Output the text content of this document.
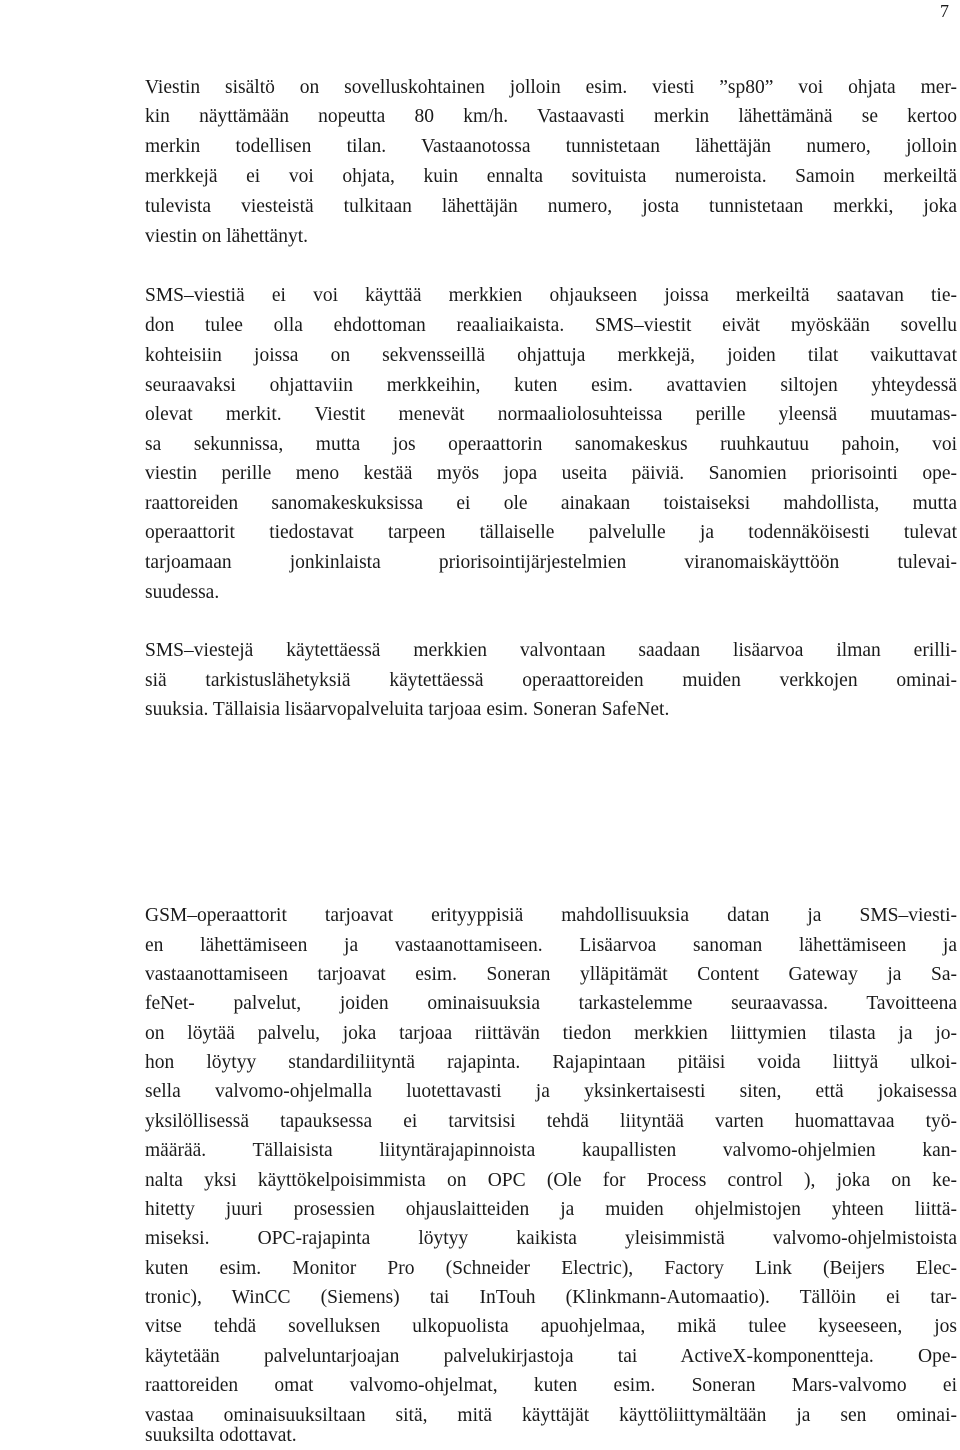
7
Viestin sisältö on sovelluskohtainen jolloin esim. viesti ”sp80” voi ohjata mer-
kin näyttämään nopeutta 80 km/h. Vastaavasti merkin lähettämänä se kertoo
merkin todellisen tilan. Vastaanotossa tunnistetaan lähettäjän numero, jolloin
merkkejä ei voi ohjata, kuin ennalta sovituista numeroista. Samoin merkeiltä
tulevista viesteistä tulkitaan lähettäjän numero, josta tunnistetaan merkki, joka
viestin on lähettänyt.
SMS–viestiä ei voi käyttää merkkien ohjaukseen joissa merkeiltä saatavan tie-
don tulee olla ehdottoman reaaliaikaista. SMS–viestit eivät myöskään sovellu
kohteisiin joissa on sekvensseillä ohjattuja merkkejä, joiden tilat vaikuttavat
seuraavaksi ohjattaviin merkkeihin, kuten esim. avattavien siltojen yhteydessä
olevat merkit. Viestit menevät normaaliolosuhteissa perille yleensä muutamas-
sa sekunnissa, mutta jos operaattorin sanomakeskus ruuhkautuu pahoin, voi
viestin perille meno kestää myös jopa useita päiviä. Sanomien priorisointi ope-
raattoreiden sanomakeskuksissa ei ole ainakaan toistaiseksi mahdollista, mutta
operaattorit tiedostavat tarpeen tällaiselle palvelulle ja todennäköisesti tulevat
tarjoamaan jonkinlaista priorisointijärjestelmien viranomaiskäyttöön tulevai-
suudessa.
SMS–viestejä käytettäessä merkkien valvontaan saadaan lisäarvoa ilman erilli-
siä tarkistuslähetyksiä käytettäessä operaattoreiden muiden verkkojen ominai-
suuksia. Tällaisia lisäarvopalveluita tarjoaa esim. Soneran SafeNet.
GSM–operaattorit tarjoavat erityyppisiä mahdollisuuksia datan ja SMS–viesti-
en lähettämiseen ja vastaanottamiseen. Lisäarvoa sanoman lähettämiseen ja
vastaanottamiseen tarjoavat esim. Soneran ylläpitämät Content Gateway ja Sa-
feNet- palvelut, joiden ominaisuuksia tarkastelemme seuraavassa. Tavoitteena
on löytää palvelu, joka tarjoaa riittävän tiedon merkkien liittymien tilasta ja jo-
hon löytyy standardiliityntä rajapinta. Rajapintaan pitäisi voida liittyä ulkoi-
sella valvomo-ohjelmalla luotettavasti ja yksinkertaisesti siten, että jokaisessa
yksilöllisessä tapauksessa ei tarvitsisi tehdä liityntää varten huomattavaa työ-
määrää. Tällaisista liityntärajapinnoista kaupallisten valvomo-ohjelmien kan-
nalta yksi käyttökelpoisimmista on OPC (Ole for Process control ), joka on ke-
hitetty juuri prosessien ohjauslaitteiden ja muiden ohjelmistojen yhteen liittä-
miseksi. OPC-rajapinta löytyy kaikista yleisimmistä valvomo-ohjelmistoista
kuten esim. Monitor Pro (Schneider Electric), Factory Link (Beijers Elec-
tronic), WinCC (Siemens) tai InTouh (Klinkmann-Automaatio). Tällöin ei tar-
vitse tehdä sovelluksen ulkopuolista apuohjelmaa, mikä tulee kyseeseen, jos
käytetään palveluntarjoajan palvelukirjastoja tai ActiveX-komponentteja. Ope-
raattoreiden omat valvomo-ohjelmat, kuten esim. Soneran Mars-valvomo ei
vastaa ominaisuuksiltaan sitä, mitä käyttäjät käyttöliittymältään ja sen ominai-
suuksilta odottavat.
